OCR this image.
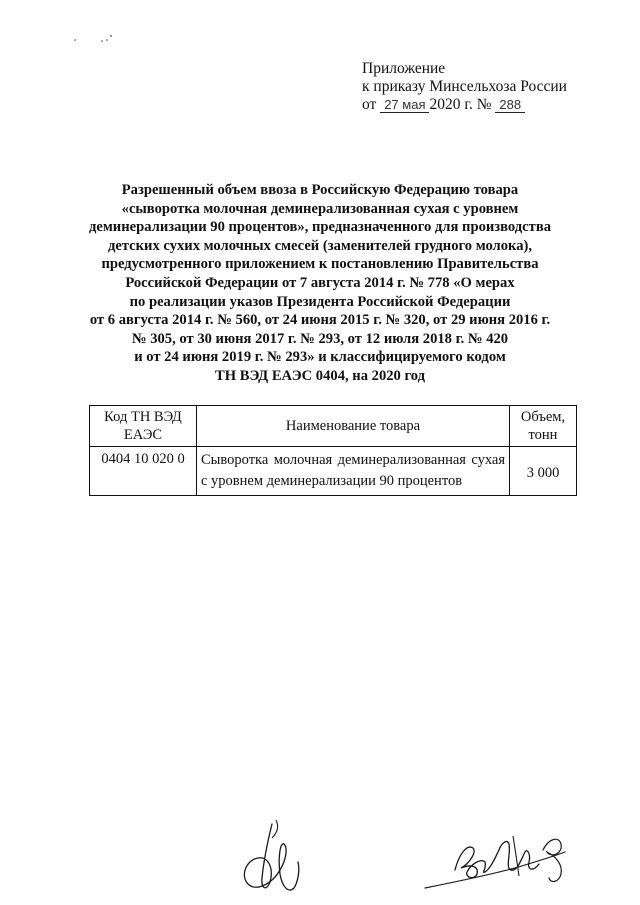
Приложение
к приказу Минсельхоза России
от 27 мая 2020 г. № 288
Разрешенный объем ввоза в Российскую Федерацию товара
«сыворотка молочная деминерализованная сухая с уровнем
деминерализации 90 процентов», предназначенного для производства
детских сухих молочных смесей (заменителей грудного молока),
предусмотренного приложением к постановлению Правительства
Российской Федерации от 7 августа 2014 г. № 778 «О мерах
по реализации указов Президента Российской Федерации
от 6 августа 2014 г. № 560, от 24 июня 2015 г. № 320, от 29 июня 2016 г.
№ 305, от 30 июня 2017 г. № 293, от 12 июля 2018 г. № 420
и от 24 июня 2019 г. № 293» и классифицируемого кодом
ТН ВЭД ЕАЭС 0404, на 2020 год
Код ТН ВЭД ЕАЭС	Наименование товара	Объем, тонн
0404 10 020 0	Сыворотка молочная деминерализованная сухая с уровнем деминерализации 90 процентов	3 000
